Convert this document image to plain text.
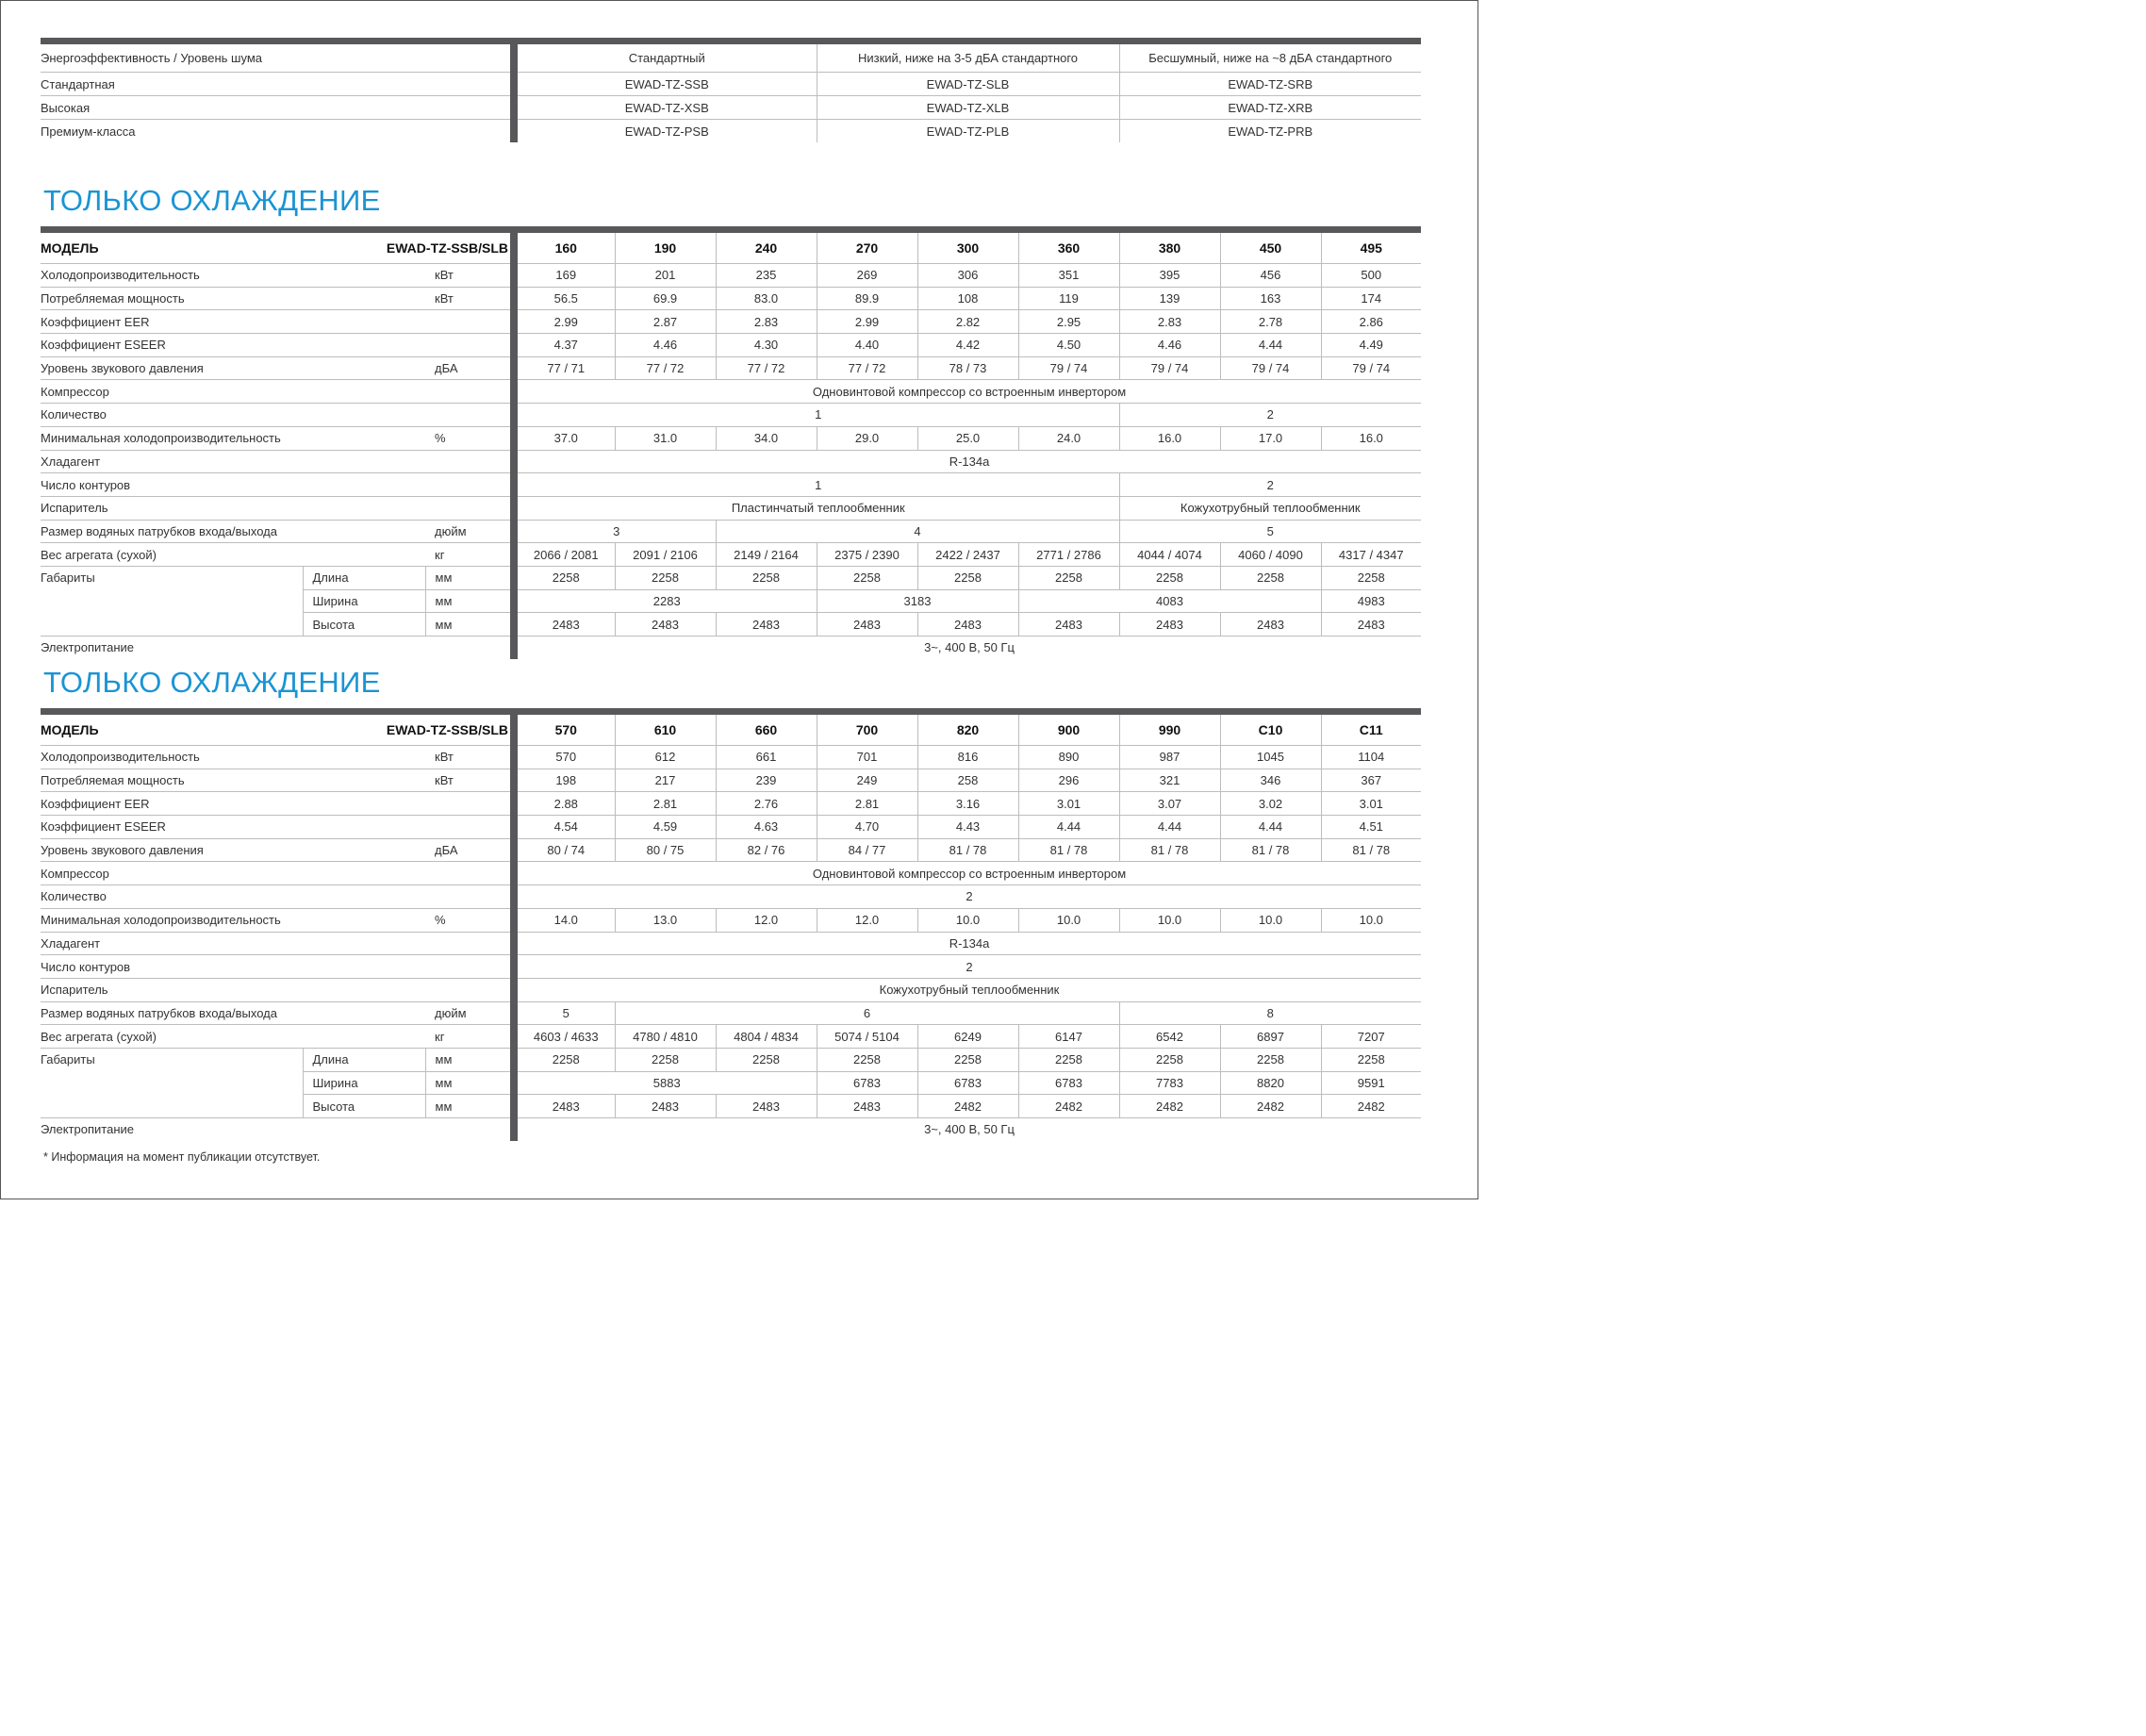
Энергоэффективность / Уровень шума	Стандартный	Низкий, ниже на 3-5 дБА стандартного	Бесшумный, ниже на ~8 дБА стандартного
Стандартная	EWAD-TZ-SSB	EWAD-TZ-SLB	EWAD-TZ-SRB
Высокая	EWAD-TZ-XSB	EWAD-TZ-XLB	EWAD-TZ-XRB
Премиум-класса	EWAD-TZ-PSB	EWAD-TZ-PLB	EWAD-TZ-PRB
ТОЛЬКО ОХЛАЖДЕНИЕ
МОДЕЛЬ	EWAD-TZ-SSB/SLB		160	190	240	270	300	360	380	450	495
Холодопроизводительность		кВт	169	201	235	269	306	351	395	456	500
Потребляемая мощность		кВт	56.5	69.9	83.0	89.9	108	119	139	163	174
Коэффициент EER			2.99	2.87	2.83	2.99	2.82	2.95	2.83	2.78	2.86
Коэффициент ESEER			4.37	4.46	4.30	4.40	4.42	4.50	4.46	4.44	4.49
Уровень звукового давления		дБА	77 / 71	77 / 72	77 / 72	77 / 72	78 / 73	79 / 74	79 / 74	79 / 74	79 / 74
Компрессор			Одновинтовой компрессор со встроенным инвертором								
Количество			1						2		
Минимальная холодопроизводительность		%	37.0	31.0	34.0	29.0	25.0	24.0	16.0	17.0	16.0
Хладагент			R-134a								
Число контуров			1						2		
Испаритель			Пластинчатый теплообменник						Кожухотрубный теплообменник		
Размер водяных патрубков входа/выхода		дюйм	3		4				5		
Вес агрегата (сухой)		кг	2066 / 2081	2091 / 2106	2149 / 2164	2375 / 2390	2422 / 2437	2771 / 2786	4044 / 4074	4060 / 4090	4317 / 4347
Габариты	Длина	мм	2258	2258	2258	2258	2258	2258	2258	2258	2258
	Ширина	мм	2283			3183		4083			4983
	Высота	мм	2483	2483	2483	2483	2483	2483	2483	2483	2483
Электропитание			3~, 400 В, 50 Гц								
ТОЛЬКО ОХЛАЖДЕНИЕ
МОДЕЛЬ	EWAD-TZ-SSB/SLB		570	610	660	700	820	900	990	C10	C11
Холодопроизводительность		кВт	570	612	661	701	816	890	987	1045	1104
Потребляемая мощность		кВт	198	217	239	249	258	296	321	346	367
Коэффициент EER			2.88	2.81	2.76	2.81	3.16	3.01	3.07	3.02	3.01
Коэффициент ESEER			4.54	4.59	4.63	4.70	4.43	4.44	4.44	4.44	4.51
Уровень звукового давления		дБА	80 / 74	80 / 75	82 / 76	84 / 77	81 / 78	81 / 78	81 / 78	81 / 78	81 / 78
Компрессор			Одновинтовой компрессор со встроенным инвертором								
Количество			2								
Минимальная холодопроизводительность		%	14.0	13.0	12.0	12.0	10.0	10.0	10.0	10.0	10.0
Хладагент			R-134a								
Число контуров			2								
Испаритель			Кожухотрубный теплообменник								
Размер водяных патрубков входа/выхода		дюйм	5	6					8		
Вес агрегата (сухой)		кг	4603 / 4633	4780 / 4810	4804 / 4834	5074 / 5104	6249	6147	6542	6897	7207
Габариты	Длина	мм	2258	2258	2258	2258	2258	2258	2258	2258	2258
	Ширина	мм	5883			6783	6783	6783	7783	8820	9591
	Высота	мм	2483	2483	2483	2483	2482	2482	2482	2482	2482
Электропитание			3~, 400 В, 50 Гц								
* Информация на момент публикации отсутствует.
